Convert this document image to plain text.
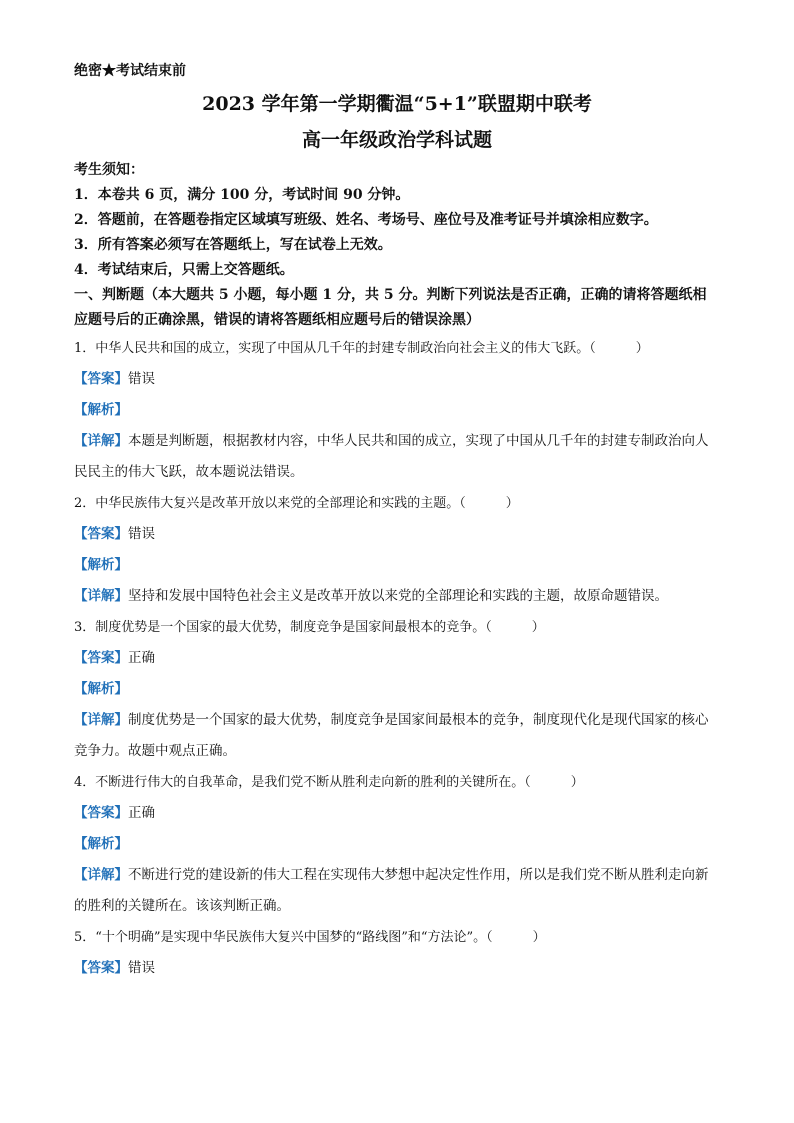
绝密★考试结束前
2023 学年第一学期衢温“5+1”联盟期中联考
高一年级政治学科试题

考生须知：

1．本卷共 6 页，满分 100 分，考试时间 90 分钟。

2．答题前，在答题卷指定区域填写班级、姓名、考场号、座位号及准考证号并填涂相应数字。

3．所有答案必须写在答题纸上，写在试卷上无效。

4．考试结束后，只需上交答题纸。

一、判断题（本大题共 5 小题，每小题 1 分，共 5 分。判断下列说法是否正确，正确的请将答题纸相应题号后的正确涂黑，错误的请将答题纸相应题号后的错误涂黑）

1．中华人民共和国的成立，实现了中国从几千年的封建专制政治向社会主义的伟大飞跃。（	）

【答案】错误

【解析】

【详解】本题是判断题，根据教材内容，中华人民共和国的成立，实现了中国从几千年的封建专制政治向人民民主的伟大飞跃，故本题说法错误。

2．中华民族伟大复兴是改革开放以来党的全部理论和实践的主题。（	）

【答案】错误

【解析】

【详解】坚持和发展中国特色社会主义是改革开放以来党的全部理论和实践的主题，故原命题错误。

3．制度优势是一个国家的最大优势，制度竞争是国家间最根本的竞争。（	）

【答案】正确

【解析】

【详解】制度优势是一个国家的最大优势，制度竞争是国家间最根本的竞争，制度现代化是现代国家的核心竞争力。故题中观点正确。

4．不断进行伟大的自我革命，是我们党不断从胜利走向新的胜利的关键所在。（	）

【答案】正确

【解析】

【详解】不断进行党的建设新的伟大工程在实现伟大梦想中起决定性作用，所以是我们党不断从胜利走向新的胜利的关键所在。该该判断正确。

5．“十个明确”是实现中华民族伟大复兴中国梦的“路线图”和“方法论”。（	）

【答案】错误
